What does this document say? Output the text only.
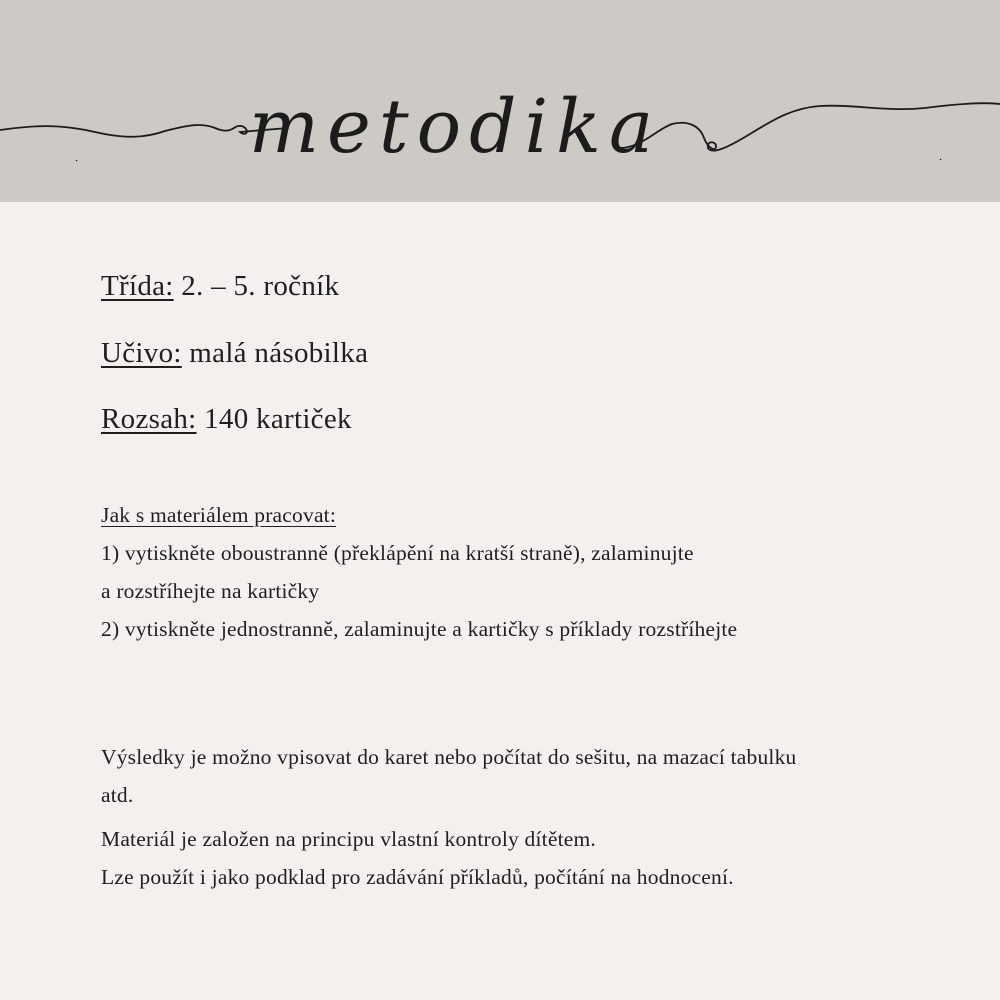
metodika
Třída: 2. – 5. ročník
Učivo: malá násobilka
Rozsah: 140 kartiček
Jak s materiálem pracovat:
1) vytiskněte oboustranně (překlápění na kratší straně), zalaminujte
a rozstříhejte na kartičky
2) vytiskněte jednostranně, zalaminujte a kartičky s příklady rozstříhejte
Výsledky je možno vpisovat do karet nebo počítat do sešitu, na mazací tabulku
atd.
Materiál je založen na principu vlastní kontroly dítětem.
Lze použít i jako podklad pro zadávání příkladů, počítání na hodnocení.
